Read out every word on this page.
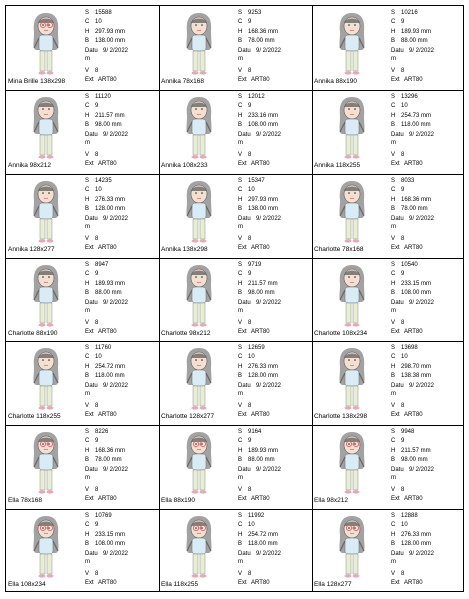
Mina Brille 138x298
S 15588
C 10
H 297.93 mm
B 138.00 mm
Datu 9/ 2/2022
m
V 8
Ext ART80	Annika 78x168
S 9253
C 9
H 168.36 mm
B 78.00 mm
Datu 9/ 2/2022
m
V 8
Ext ART80	Annika 88x190
S 10216
C 9
H 189.93 mm
B 88.00 mm
Datu 9/ 2/2022
m
V 8
Ext ART80
Annika 98x212
S 11120
C 9
H 211.57 mm
B 98.00 mm
Datu 9/ 2/2022
m
V 8
Ext ART80	Annika 108x233
S 12012
C 9
H 233.16 mm
B 108.00 mm
Datu 9/ 2/2022
m
V 8
Ext ART80	Annika 118x255
S 13296
C 10
H 254.73 mm
B 118.00 mm
Datu 9/ 2/2022
m
V 8
Ext ART80
Annika 128x277
S 14235
C 10
H 276.33 mm
B 128.00 mm
Datu 9/ 2/2022
m
V 8
Ext ART80	Annika 138x298
S 15347
C 10
H 297.93 mm
B 138.00 mm
Datu 9/ 2/2022
m
V 8
Ext ART80	Charlotte 78x168
S 8033
C 9
H 168.36 mm
B 78.00 mm
Datu 9/ 2/2022
m
V 8
Ext ART80
Charlotte 88x190
S 8947
C 9
H 189.93 mm
B 88.00 mm
Datu 9/ 2/2022
m
V 8
Ext ART80	Charlotte 98x212
S 9719
C 9
H 211.57 mm
B 98.00 mm
Datu 9/ 2/2022
m
V 8
Ext ART80	Charlotte 108x234
S 10540
C 9
H 233.15 mm
B 108.00 mm
Datu 9/ 2/2022
m
V 8
Ext ART80
Charlotte 118x255
S 11760
C 10
H 254.72 mm
B 118.00 mm
Datu 9/ 2/2022
m
V 8
Ext ART80	Charlotte 128x277
S 12659
C 10
H 276.33 mm
B 128.00 mm
Datu 9/ 2/2022
m
V 8
Ext ART80	Charlotte 138x298
S 13698
C 10
H 298.70 mm
B 138.38 mm
Datu 9/ 2/2022
m
V 8
Ext ART80
Ella 78x168
S 8226
C 9
H 168.36 mm
B 78.00 mm
Datu 9/ 2/2022
m
V 8
Ext ART80	Ella 88x190
S 9164
C 9
H 189.93 mm
B 88.00 mm
Datu 9/ 2/2022
m
V 8
Ext ART80	Ella 98x212
S 9948
C 9
H 211.57 mm
B 98.00 mm
Datu 9/ 2/2022
m
V 8
Ext ART80
Ella 108x234
S 10769
C 9
H 233.15 mm
B 108.00 mm
Datu 9/ 2/2022
m
V 8
Ext ART80	Ella 118x255
S 11992
C 10
H 254.72 mm
B 118.00 mm
Datu 9/ 2/2022
m
V 8
Ext ART80	Ella 128x277
S 12888
C 10
H 276.33 mm
B 128.00 mm
Datu 9/ 2/2022
m
V 8
Ext ART80
